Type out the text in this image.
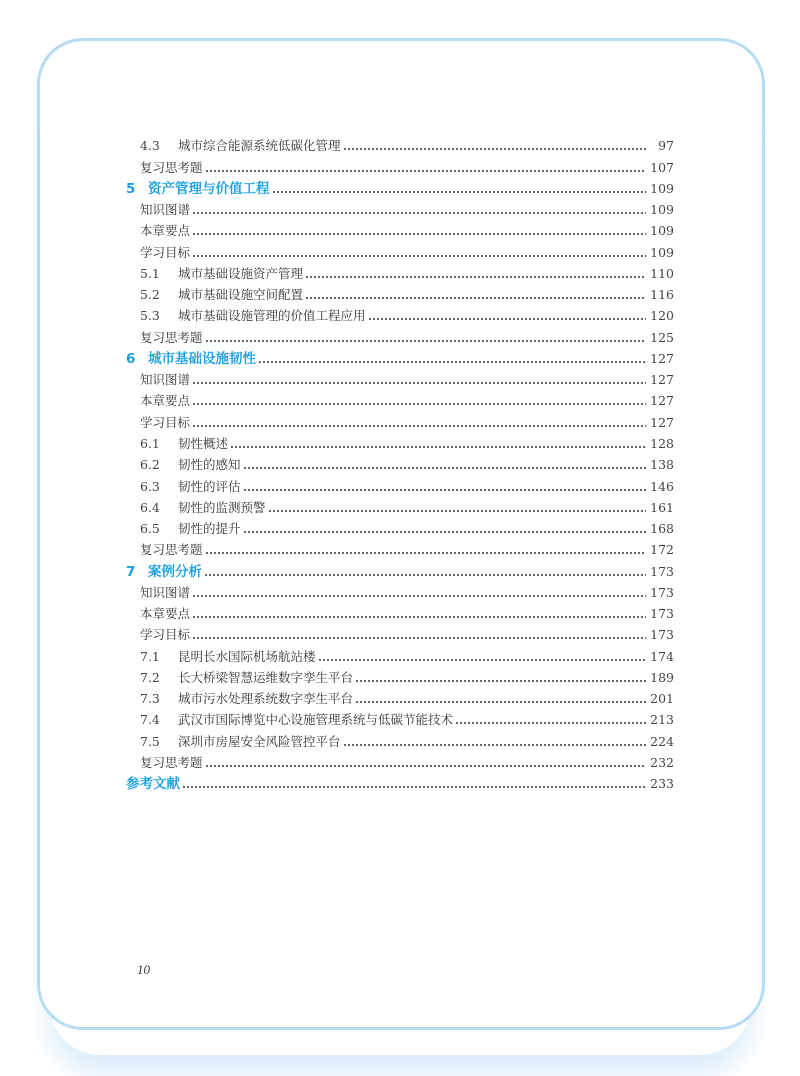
4.3	城市综合能源系统低碳化管理	97
复习思考题	107
5 资产管理与价值工程	109
知识图谱	109
本章要点	109
学习目标	109
5.1	城市基础设施资产管理	110
5.2	城市基础设施空间配置	116
5.3	城市基础设施管理的价值工程应用	120
复习思考题	125
6 城市基础设施韧性	127
知识图谱	127
本章要点	127
学习目标	127
6.1	韧性概述	128
6.2	韧性的感知	138
6.3	韧性的评估	146
6.4	韧性的监测预警	161
6.5	韧性的提升	168
复习思考题	172
7 案例分析	173
知识图谱	173
本章要点	173
学习目标	173
7.1	昆明长水国际机场航站楼	174
7.2	长大桥梁智慧运维数字孪生平台	189
7.3	城市污水处理系统数字孪生平台	201
7.4	武汉市国际博览中心设施管理系统与低碳节能技术	213
7.5	深圳市房屋安全风险管控平台	224
复习思考题	232
参考文献	233
10
